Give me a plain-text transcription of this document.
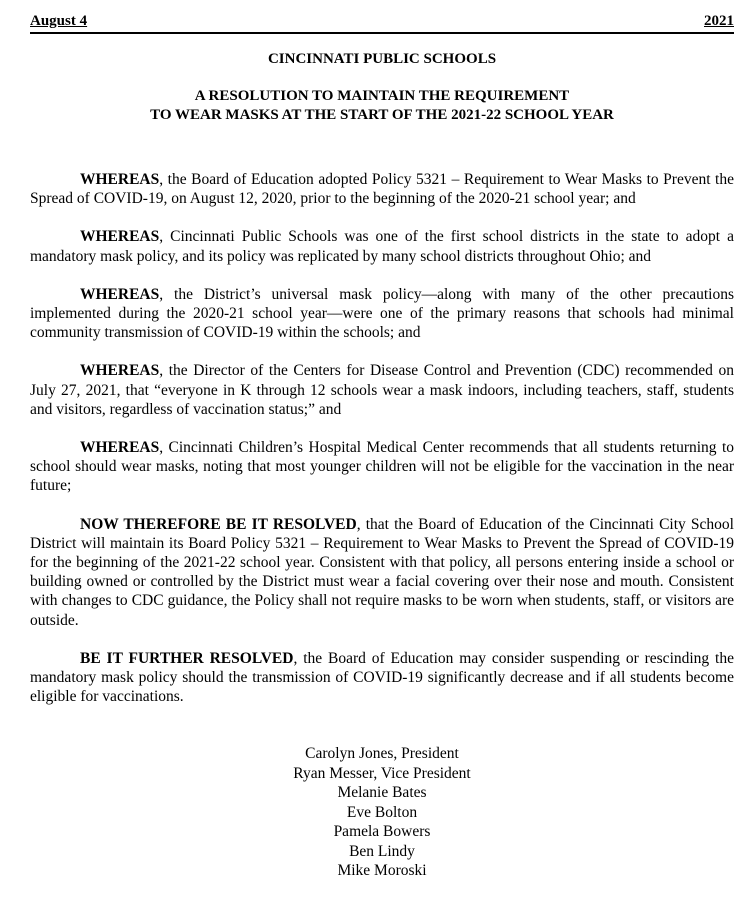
August 4	2021
CINCINNATI PUBLIC SCHOOLS
A RESOLUTION TO MAINTAIN THE REQUIREMENT
TO WEAR MASKS AT THE START OF THE 2021-22 SCHOOL YEAR

WHEREAS, the Board of Education adopted Policy 5321 – Requirement to Wear Masks to Prevent the Spread of COVID-19, on August 12, 2020, prior to the beginning of the 2020-21 school year; and

WHEREAS, Cincinnati Public Schools was one of the first school districts in the state to adopt a mandatory mask policy, and its policy was replicated by many school districts throughout Ohio; and

WHEREAS, the District’s universal mask policy—along with many of the other precautions implemented during the 2020-21 school year—were one of the primary reasons that schools had minimal community transmission of COVID-19 within the schools; and

WHEREAS, the Director of the Centers for Disease Control and Prevention (CDC) recommended on July 27, 2021, that “everyone in K through 12 schools wear a mask indoors, including teachers, staff, students and visitors, regardless of vaccination status;” and

WHEREAS, Cincinnati Children’s Hospital Medical Center recommends that all students returning to school should wear masks, noting that most younger children will not be eligible for the vaccination in the near future;

NOW THEREFORE BE IT RESOLVED, that the Board of Education of the Cincinnati City School District will maintain its Board Policy 5321 – Requirement to Wear Masks to Prevent the Spread of COVID-19 for the beginning of the 2021-22 school year. Consistent with that policy, all persons entering inside a school or building owned or controlled by the District must wear a facial covering over their nose and mouth. Consistent with changes to CDC guidance, the Policy shall not require masks to be worn when students, staff, or visitors are outside.

BE IT FURTHER RESOLVED, the Board of Education may consider suspending or rescinding the mandatory mask policy should the transmission of COVID-19 significantly decrease and if all students become eligible for vaccinations.

Carolyn Jones, President
Ryan Messer, Vice President
Melanie Bates
Eve Bolton
Pamela Bowers
Ben Lindy
Mike Moroski
